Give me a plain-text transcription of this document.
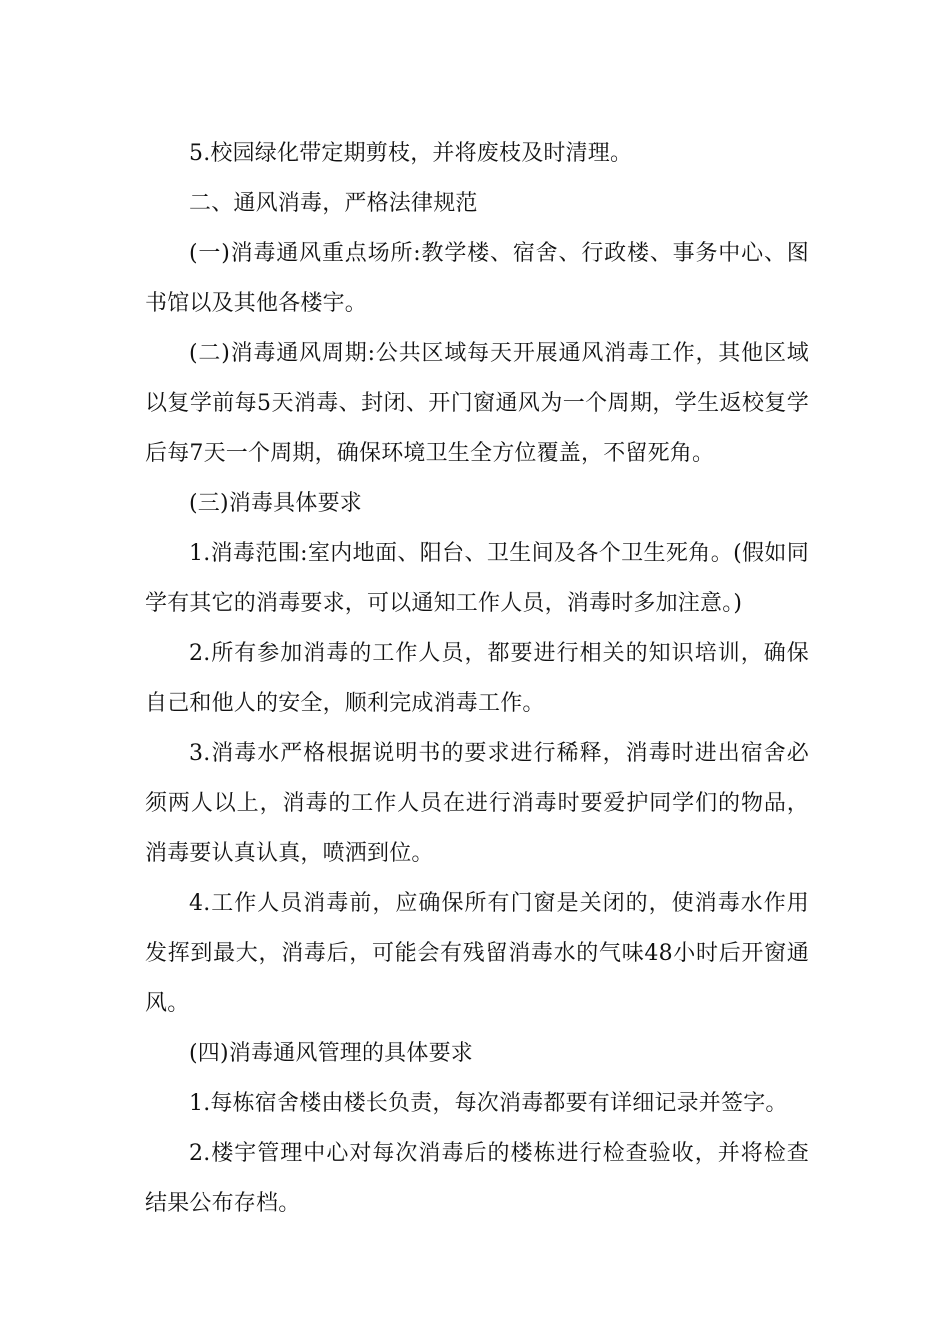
5.校园绿化带定期剪枝，并将废枝及时清理。

二、通风消毒，严格法律规范

(一)消毒通风重点场所:教学楼、宿舍、行政楼、事务中心、图书馆以及其他各楼宇。

(二)消毒通风周期:公共区域每天开展通风消毒工作，其他区域以复学前每5天消毒、封闭、开门窗通风为一个周期，学生返校复学后每7天一个周期，确保环境卫生全方位覆盖，不留死角。

(三)消毒具体要求

1.消毒范围:室内地面、阳台、卫生间及各个卫生死角。(假如同学有其它的消毒要求，可以通知工作人员，消毒时多加注意。)

2.所有参加消毒的工作人员，都要进行相关的知识培训，确保自己和他人的安全，顺利完成消毒工作。

3.消毒水严格根据说明书的要求进行稀释，消毒时进出宿舍必须两人以上，消毒的工作人员在进行消毒时要爱护同学们的物品，消毒要认真认真，喷洒到位。

4.工作人员消毒前，应确保所有门窗是关闭的，使消毒水作用发挥到最大，消毒后，可能会有残留消毒水的气味48小时后开窗通风。

(四)消毒通风管理的具体要求

1.每栋宿舍楼由楼长负责，每次消毒都要有详细记录并签字。

2.楼宇管理中心对每次消毒后的楼栋进行检查验收，并将检查结果公布存档。
